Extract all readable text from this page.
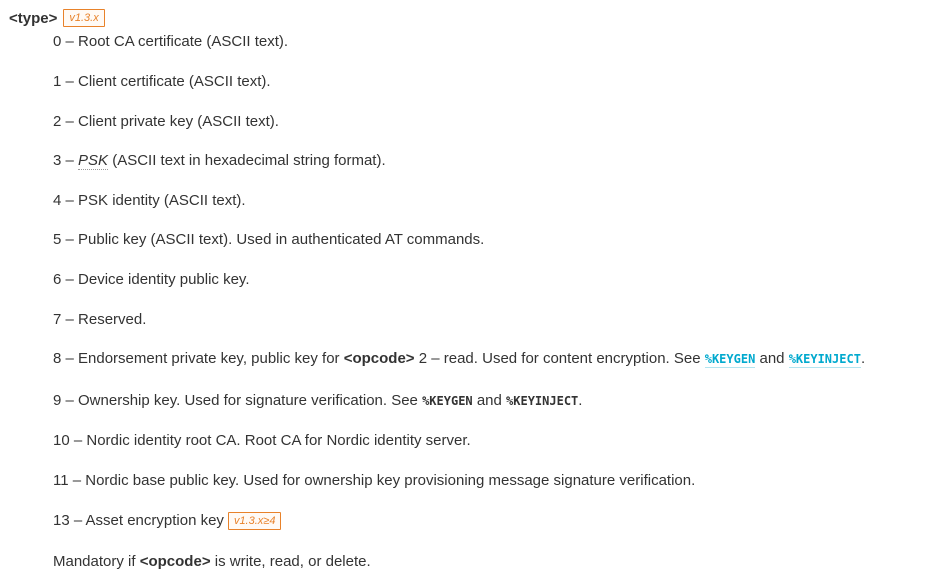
<type>	v1.3.x
0 – Root CA certificate (ASCII text).
1 – Client certificate (ASCII text).
2 – Client private key (ASCII text).
3 – PSK (ASCII text in hexadecimal string format).
4 – PSK identity (ASCII text).
5 – Public key (ASCII text). Used in authenticated AT commands.
6 – Device identity public key.
7 – Reserved.
8 – Endorsement private key, public key for <opcode> 2 – read. Used for content encryption. See %KEYGEN and %KEYINJECT.
9 – Ownership key. Used for signature verification. See %KEYGEN and %KEYINJECT.
10 – Nordic identity root CA. Root CA for Nordic identity server.
11 – Nordic base public key. Used for ownership key provisioning message signature verification.
13 – Asset encryption key v1.3.x≥4
Mandatory if <opcode> is write, read, or delete.
